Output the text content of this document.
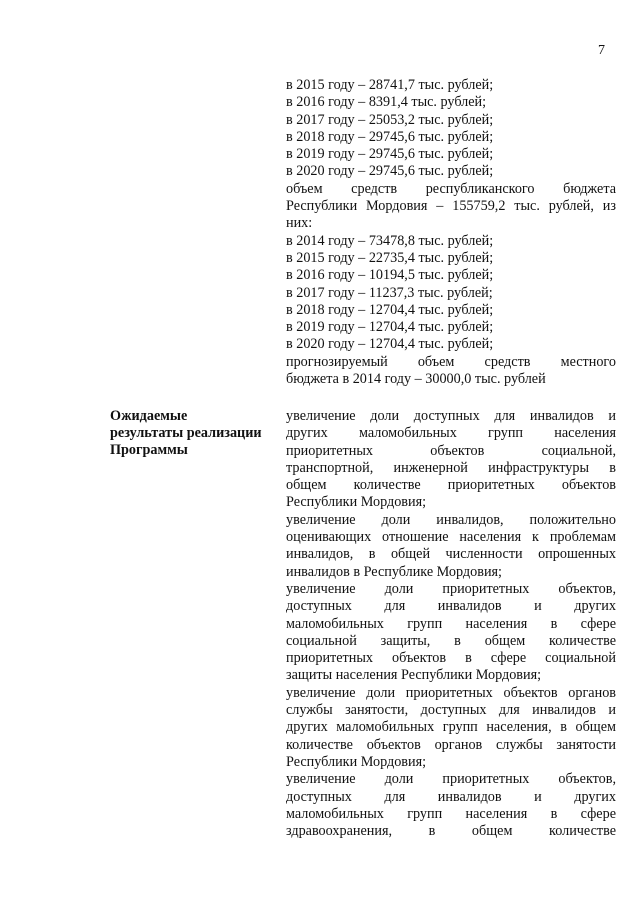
7
Ожидаемые
результаты реализации
Программы
в 2015 году – 28741,7 тыс. рублей;
в 2016 году – 8391,4 тыс. рублей;
в 2017 году – 25053,2 тыс. рублей;
в 2018 году – 29745,6 тыс. рублей;
в 2019 году – 29745,6 тыс. рублей;
в 2020 году – 29745,6 тыс. рублей;
объем средств республиканского бюджета
Республики Мордовия – 155759,2 тыс. рублей, из
них:
в 2014 году – 73478,8 тыс. рублей;
в 2015 году – 22735,4 тыс. рублей;
в 2016 году – 10194,5 тыс. рублей;
в 2017 году – 11237,3 тыс. рублей;
в 2018 году – 12704,4 тыс. рублей;
в 2019 году – 12704,4 тыс. рублей;
в 2020 году – 12704,4 тыс. рублей;
прогнозируемый объем средств местного
бюджета в 2014 году – 30000,0 тыс. рублей
увеличение доли доступных для инвалидов и
других маломобильных групп населения
приоритетных объектов социальной,
транспортной, инженерной инфраструктуры в
общем количестве приоритетных объектов
Республики Мордовия;
увеличение доли инвалидов, положительно
оценивающих отношение населения к проблемам
инвалидов, в общей численности опрошенных
инвалидов в Республике Мордовия;
увеличение доли приоритетных объектов,
доступных для инвалидов и других
маломобильных групп населения в сфере
социальной защиты, в общем количестве
приоритетных объектов в сфере социальной
защиты населения Республики Мордовия;
увеличение доли приоритетных объектов органов
службы занятости, доступных для инвалидов и
других маломобильных групп населения, в общем
количестве объектов органов службы занятости
Республики Мордовия;
увеличение доли приоритетных объектов,
доступных для инвалидов и других
маломобильных групп населения в сфере
здравоохранения, в общем количестве
